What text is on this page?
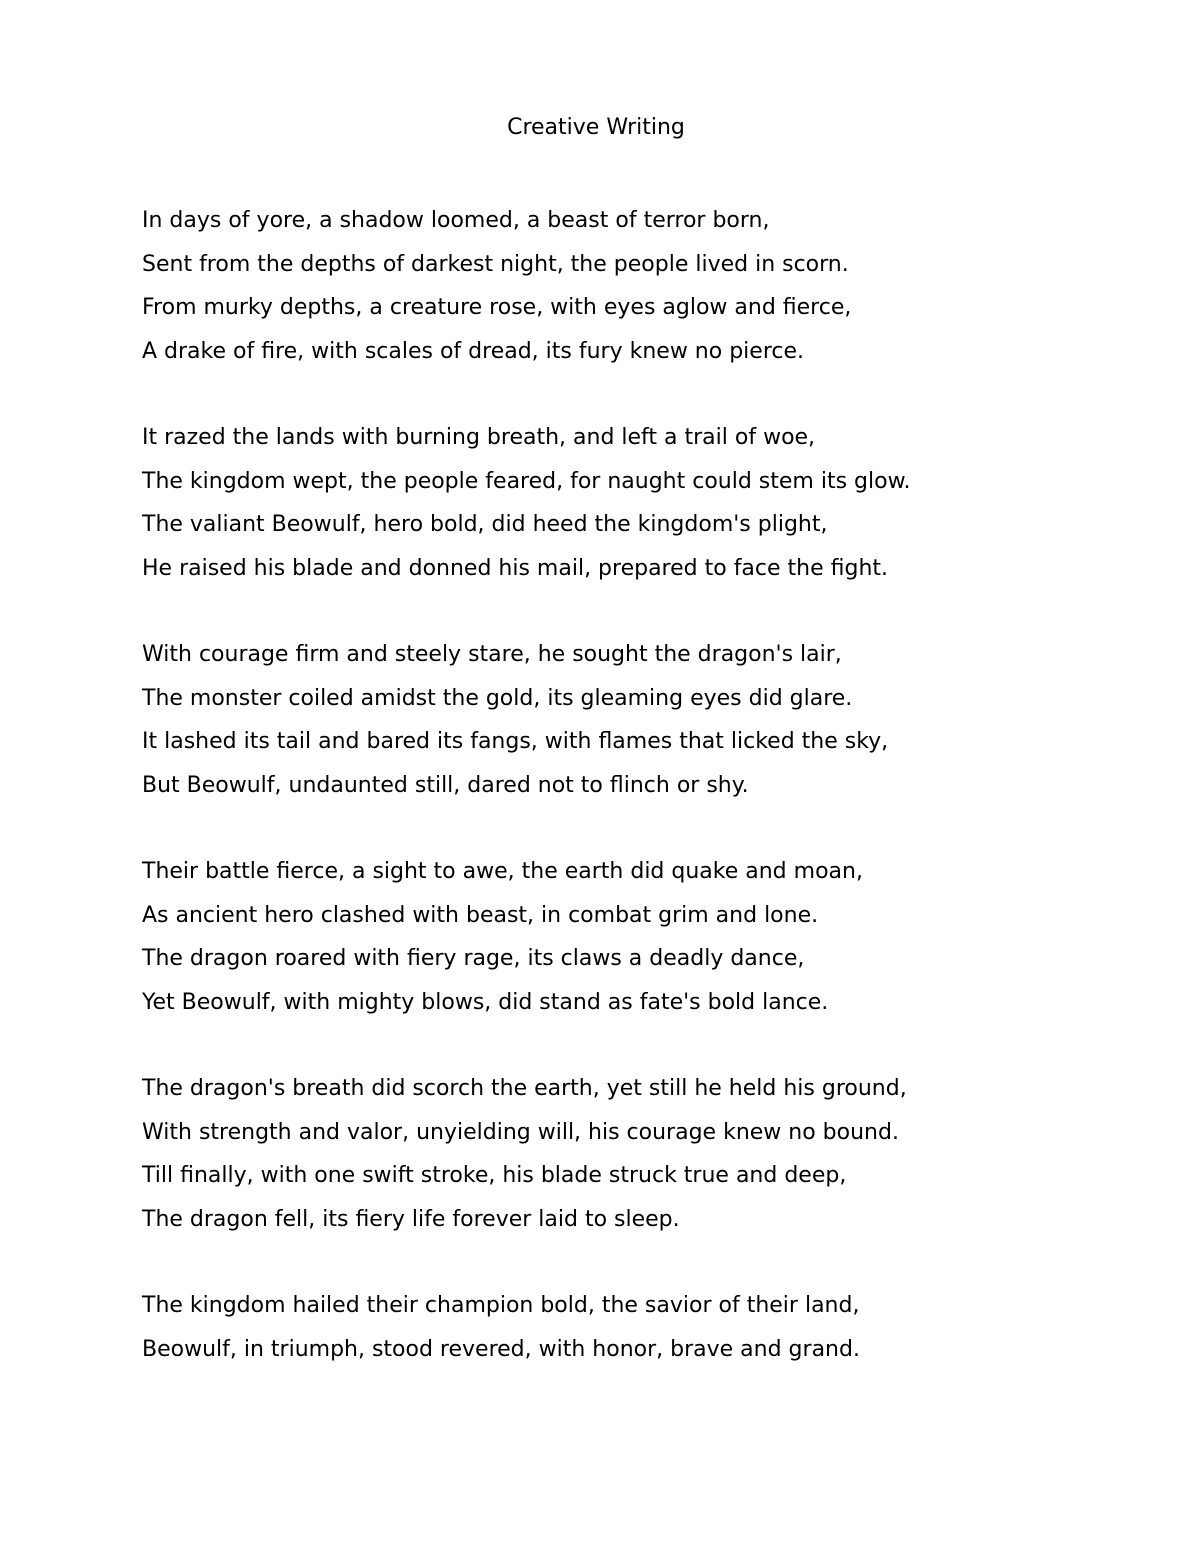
Creative Writing
In days of yore, a shadow loomed, a beast of terror born,
Sent from the depths of darkest night, the people lived in scorn.
From murky depths, a creature rose, with eyes aglow and fierce,
A drake of fire, with scales of dread, its fury knew no pierce.
It razed the lands with burning breath, and left a trail of woe,
The kingdom wept, the people feared, for naught could stem its glow.
The valiant Beowulf, hero bold, did heed the kingdom's plight,
He raised his blade and donned his mail, prepared to face the fight.
With courage firm and steely stare, he sought the dragon's lair,
The monster coiled amidst the gold, its gleaming eyes did glare.
It lashed its tail and bared its fangs, with flames that licked the sky,
But Beowulf, undaunted still, dared not to flinch or shy.
Their battle fierce, a sight to awe, the earth did quake and moan,
As ancient hero clashed with beast, in combat grim and lone.
The dragon roared with fiery rage, its claws a deadly dance,
Yet Beowulf, with mighty blows, did stand as fate's bold lance.
The dragon's breath did scorch the earth, yet still he held his ground,
With strength and valor, unyielding will, his courage knew no bound.
Till finally, with one swift stroke, his blade struck true and deep,
The dragon fell, its fiery life forever laid to sleep.
The kingdom hailed their champion bold, the savior of their land,
Beowulf, in triumph, stood revered, with honor, brave and grand.
